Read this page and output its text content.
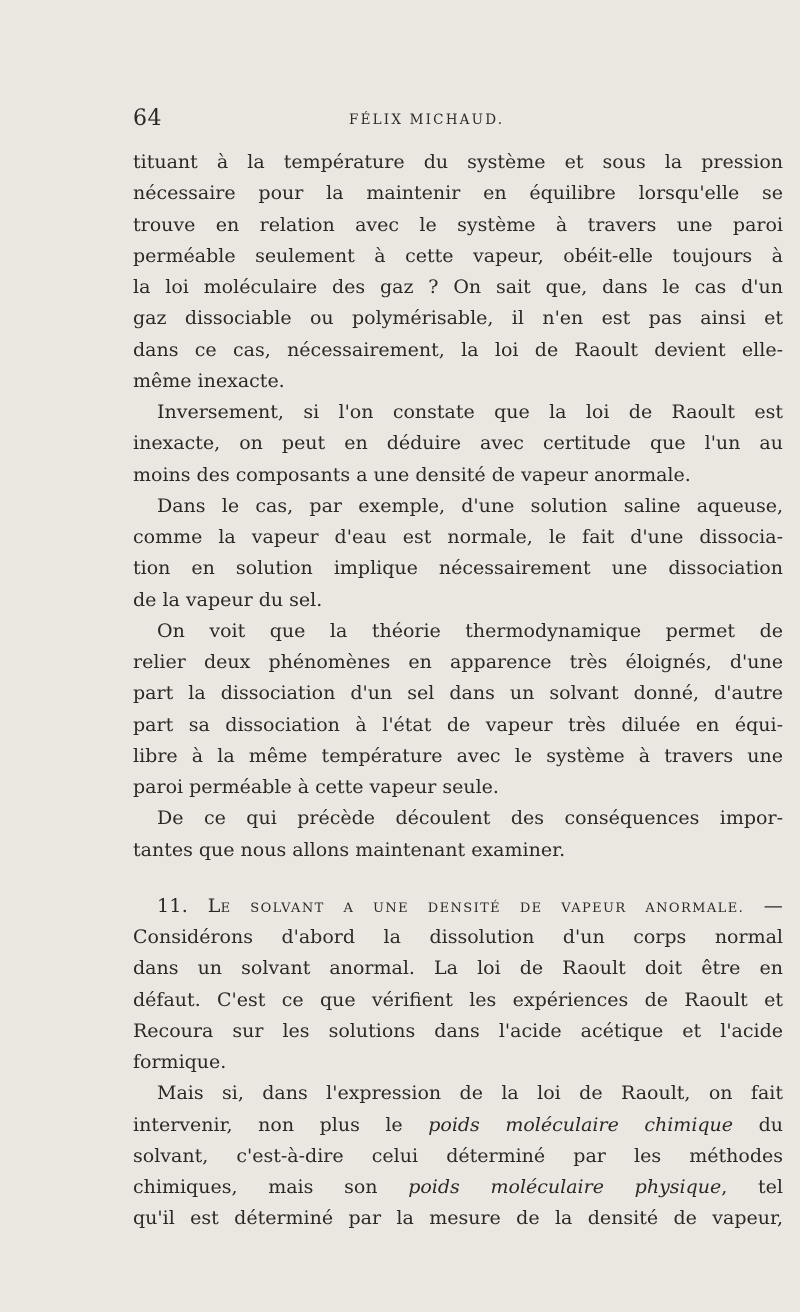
64	FÉLIX MICHAUD.
tituant à la température du système et sous la pression
nécessaire pour la maintenir en équilibre lorsqu'elle se
trouve en relation avec le système à travers une paroi
perméable seulement à cette vapeur, obéit-elle toujours à
la loi moléculaire des gaz ? On sait que, dans le cas d'un
gaz dissociable ou polymérisable, il n'en est pas ainsi et
dans ce cas, nécessairement, la loi de Raoult devient elle-
même inexacte.
Inversement, si l'on constate que la loi de Raoult est
inexacte, on peut en déduire avec certitude que l'un au
moins des composants a une densité de vapeur anormale.
Dans le cas, par exemple, d'une solution saline aqueuse,
comme la vapeur d'eau est normale, le fait d'une dissocia-
tion en solution implique nécessairement une dissociation
de la vapeur du sel.
On voit que la théorie thermodynamique permet de
relier deux phénomènes en apparence très éloignés, d'une
part la dissociation d'un sel dans un solvant donné, d'autre
part sa dissociation à l'état de vapeur très diluée en équi-
libre à la même température avec le système à travers une
paroi perméable à cette vapeur seule.
De ce qui précède découlent des conséquences impor-
tantes que nous allons maintenant examiner.
11. LE SOLVANT A UNE DENSITÉ DE VAPEUR ANORMALE. —
Considérons d'abord la dissolution d'un corps normal
dans un solvant anormal. La loi de Raoult doit être en
défaut. C'est ce que vérifient les expériences de Raoult et
Recoura sur les solutions dans l'acide acétique et l'acide
formique.
Mais si, dans l'expression de la loi de Raoult, on fait
intervenir, non plus le poids moléculaire chimique du
solvant, c'est-à-dire celui déterminé par les méthodes
chimiques, mais son poids moléculaire physique, tel
qu'il est déterminé par la mesure de la densité de vapeur,
